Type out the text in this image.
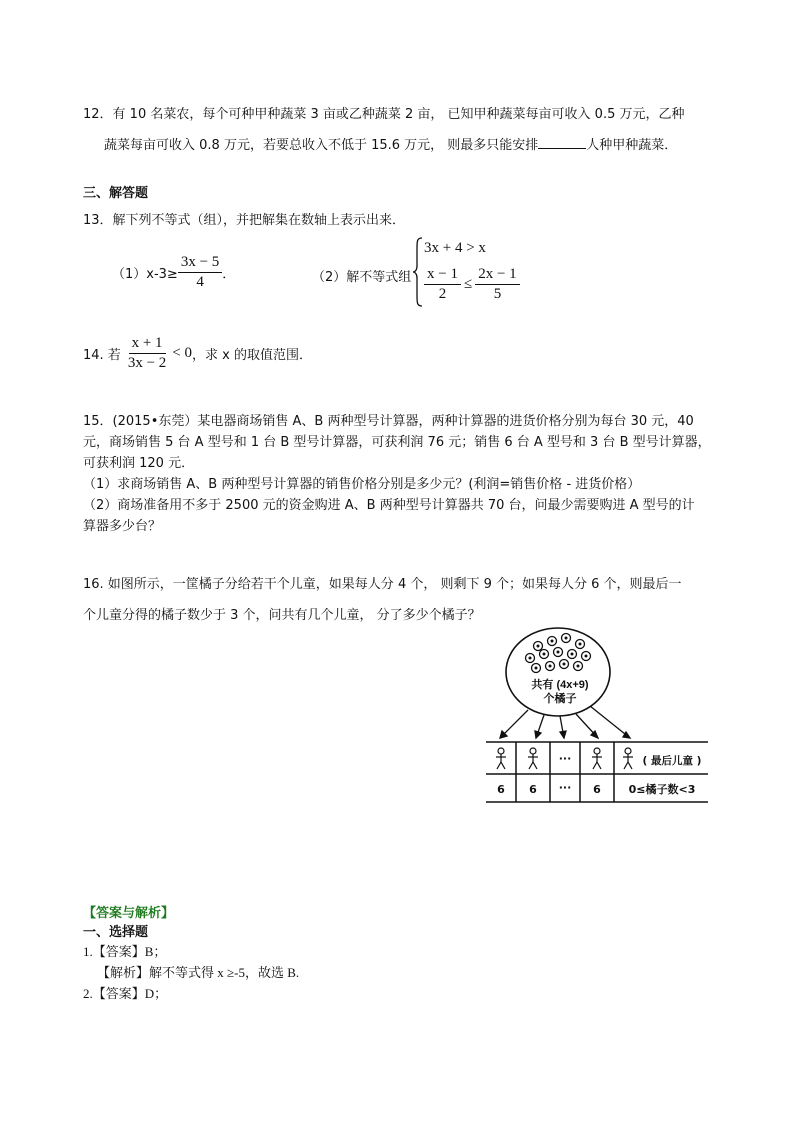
12．有 10 名菜农，每个可种甲种蔬菜 3 亩或乙种蔬菜 2 亩， 已知甲种蔬菜每亩可收入 0.5 万元，乙种
蔬菜每亩可收入 0.8 万元，若要总收入不低于 15.6 万元， 则最多只能安排	人种甲种蔬菜．
三、解答题
13．解下列不等式（组），并把解集在数轴上表示出来．
$(1)x-3\ge \frac{3x - 5}{4}$ ．	（2）解不等式组
3x + 4 > x
$\frac{x - 1}{2} \le \frac{2x - 1}{5}$
14. 若 $\frac{x + 1}{3x - 2} < 0$ ，求 x 的取值范围．
15．(2015•东莞）某电器商场销售 A、B 两种型号计算器，两种计算器的进货价格分别为每台 30 元，40
元，商场销售 5 台 A 型号和 1 台 B 型号计算器，可获利润 76 元；销售 6 台 A 型号和 3 台 B 型号计算器，
可获利润 120 元．
（1）求商场销售 A、B 两种型号计算器的销售价格分别是多少元？(利润=销售价格 - 进货价格）
（2）商场准备用不多于 2500 元的资金购进 A、B 两种型号计算器共 70 台，问最少需要购进 A 型号的计
算器多少台？
16. 如图所示，一筐橘子分给若干个儿童，如果每人分 4 个， 则剩下 9 个；如果每人分 6 个，则最后一
个儿童分得的橘子数少于 3 个，问共有几个儿童， 分了多少个橘子？
共有 (4x+9)
个橘子
···	( 最后儿童 )
6 6 ··· 6	0≤橘子数<3
【答案与解析】
一、选择题
1.【答案】B；
【解析】解不等式得 x ≥-5，故选 B.
2.【答案】D；
